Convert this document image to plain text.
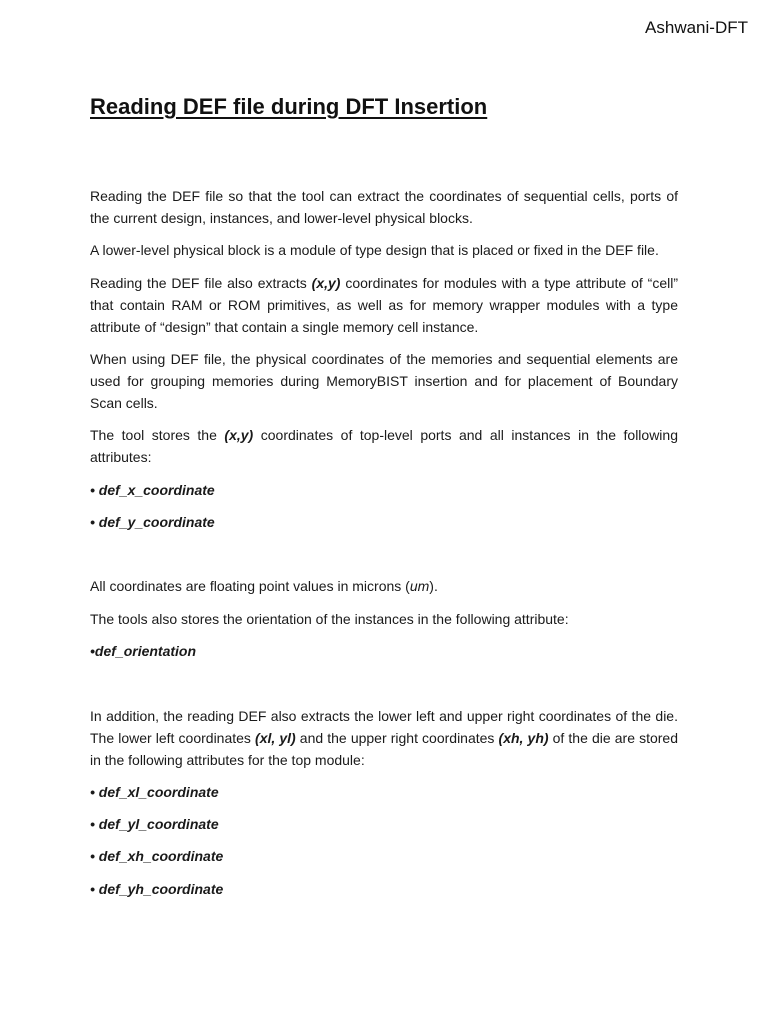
Ashwani-DFT
Reading DEF file during DFT Insertion

Reading the DEF file so that the tool can extract the coordinates of sequential cells, ports of the current design, instances, and lower-level physical blocks.

A lower-level physical block is a module of type design that is placed or fixed in the DEF file.

Reading the DEF file also extracts (x,y) coordinates for modules with a type attribute of “cell” that contain RAM or ROM primitives, as well as for memory wrapper modules with a type attribute of “design” that contain a single memory cell instance.

When using DEF file, the physical coordinates of the memories and sequential elements are used for grouping memories during MemoryBIST insertion and for placement of Boundary Scan cells.

The tool stores the (x,y) coordinates of top-level ports and all instances in the following attributes:

• def_x_coordinate

• def_y_coordinate

All coordinates are floating point values in microns (um).

The tools also stores the orientation of the instances in the following attribute:

•def_orientation

In addition, the reading DEF also extracts the lower left and upper right coordinates of the die. The lower left coordinates (xl, yl) and the upper right coordinates (xh, yh) of the die are stored in the following attributes for the top module:

• def_xl_coordinate

• def_yl_coordinate

• def_xh_coordinate

• def_yh_coordinate
